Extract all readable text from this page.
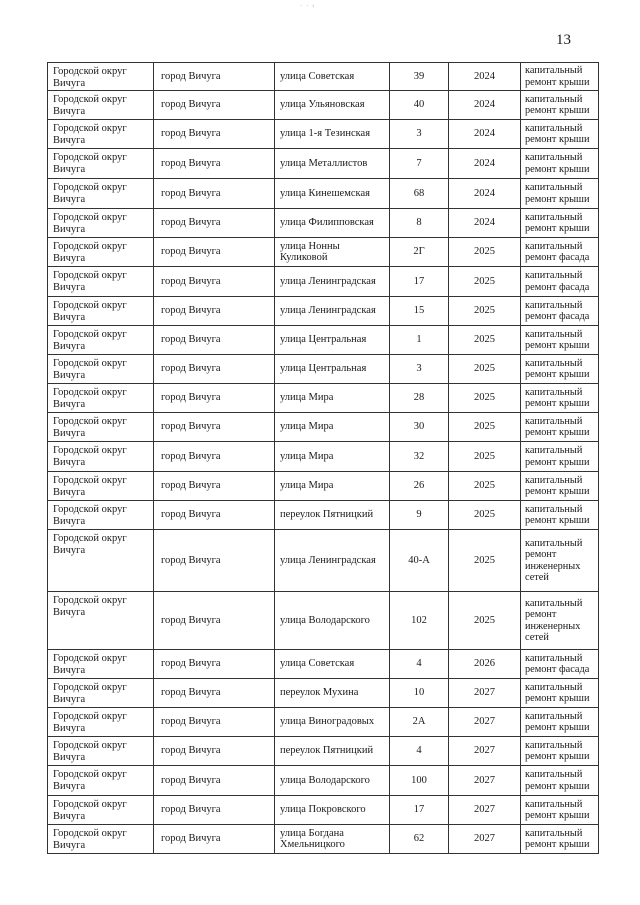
· · ‹
13
Городской округ Вичуга	город Вичуга	улица Советская	39	2024	капитальный ремонт крыши
Городской округ Вичуга	город Вичуга	улица Ульяновская	40	2024	капитальный ремонт крыши
Городской округ Вичуга	город Вичуга	улица 1-я Тезинская	3	2024	капитальный ремонт крыши
Городской округ Вичуга	город Вичуга	улица Металлистов	7	2024	капитальный ремонт крыши
Городской округ Вичуга	город Вичуга	улица Кинешемская	68	2024	капитальный ремонт крыши
Городской округ Вичуга	город Вичуга	улица Филипповская	8	2024	капитальный ремонт крыши
Городской округ Вичуга	город Вичуга	улица Нонны Куликовой	2Г	2025	капитальный ремонт фасада
Городской округ Вичуга	город Вичуга	улица Ленинградская	17	2025	капитальный ремонт фасада
Городской округ Вичуга	город Вичуга	улица Ленинградская	15	2025	капитальный ремонт фасада
Городской округ Вичуга	город Вичуга	улица Центральная	1	2025	капитальный ремонт крыши
Городской округ Вичуга	город Вичуга	улица Центральная	3	2025	капитальный ремонт крыши
Городской округ Вичуга	город Вичуга	улица Мира	28	2025	капитальный ремонт крыши
Городской округ Вичуга	город Вичуга	улица Мира	30	2025	капитальный ремонт крыши
Городской округ Вичуга	город Вичуга	улица Мира	32	2025	капитальный ремонт крыши
Городской округ Вичуга	город Вичуга	улица Мира	26	2025	капитальный ремонт крыши
Городской округ Вичуга	город Вичуга	переулок Пятницкий	9	2025	капитальный ремонт крыши
Городской округ Вичуга	город Вичуга	улица Ленинградская	40-А	2025	капитальный ремонт инженерных сетей
Городской округ Вичуга	город Вичуга	улица Володарского	102	2025	капитальный ремонт инженерных сетей
Городской округ Вичуга	город Вичуга	улица Советская	4	2026	капитальный ремонт фасада
Городской округ Вичуга	город Вичуга	переулок Мухина	10	2027	капитальный ремонт крыши
Городской округ Вичуга	город Вичуга	улица Виноградовых	2А	2027	капитальный ремонт крыши
Городской округ Вичуга	город Вичуга	переулок Пятницкий	4	2027	капитальный ремонт крыши
Городской округ Вичуга	город Вичуга	улица Володарского	100	2027	капитальный ремонт крыши
Городской округ Вичуга	город Вичуга	улица Покровского	17	2027	капитальный ремонт крыши
Городской округ Вичуга	город Вичуга	улица Богдана Хмельницкого	62	2027	капитальный ремонт крыши
